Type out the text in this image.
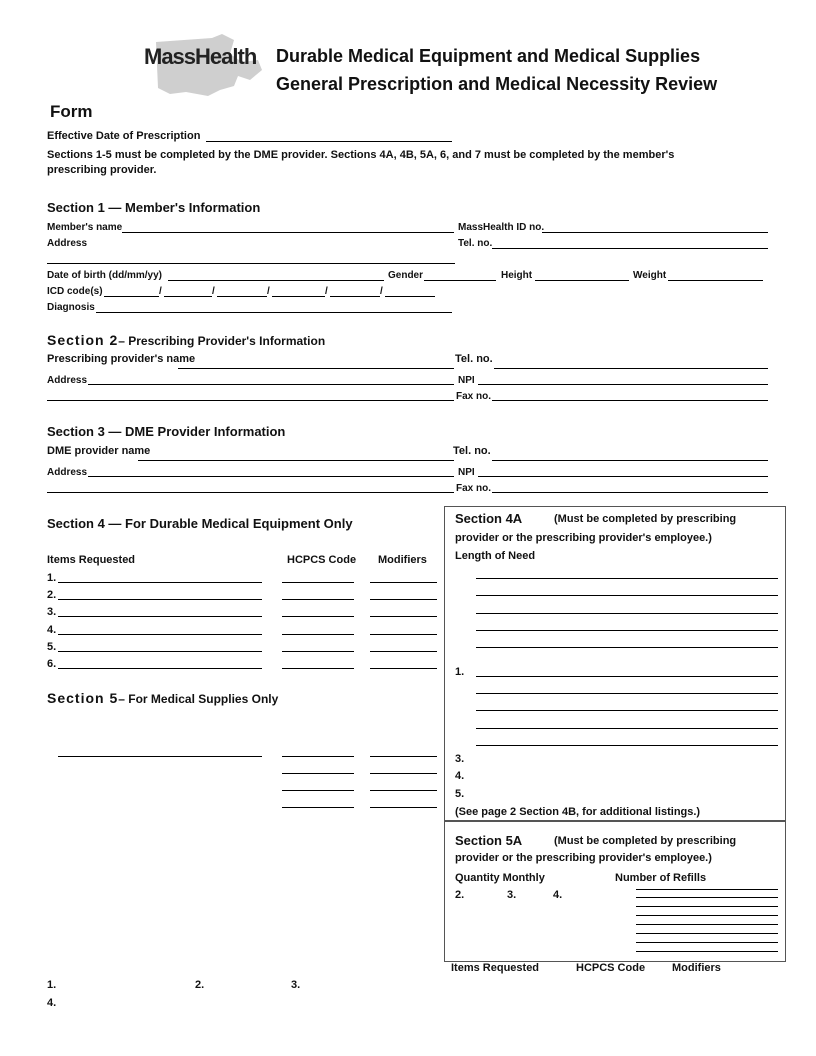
MassHealth Durable Medical Equipment and Medical Supplies
General Prescription and Medical Necessity Review
Form
Effective Date of Prescription
Sections 1-5 must be completed by the DME provider. Sections 4A, 4B, 5A, 6, and 7 must be completed by the member's
prescribing provider.
Section 1 — Member's Information
Member's name	MassHealth ID no.
Address	Tel. no.
Date of birth (dd/mm/yy)	Gender	Height	Weight
ICD code(s)	/	/	/	/	/
Diagnosis
Section 2– Prescribing Provider's Information
Prescribing provider's name	Tel. no.
Address	NPI
Fax no.
Section 3 — DME Provider Information
DME provider name	Tel. no.
Address	NPI
Fax no.
Section 4 — For Durable Medical Equipment Only
Items Requested	HCPCS Code Modifiers
1.
2.
3.
4.
5.
6.
Section 5– For Medical Supplies Only
Section 4A	(Must be completed by prescribing
provider or the prescribing provider's employee.)
Length of Need
1.
3.
4.
5.
(See page 2 Section 4B, for additional listings.)
Section 5A	(Must be completed by prescribing
provider or the prescribing provider's employee.)
Quantity Monthly	Number of Refills
2.	3.	4.
Items Requested	HCPCS Code Modifiers
1.	2.	3.
4.
